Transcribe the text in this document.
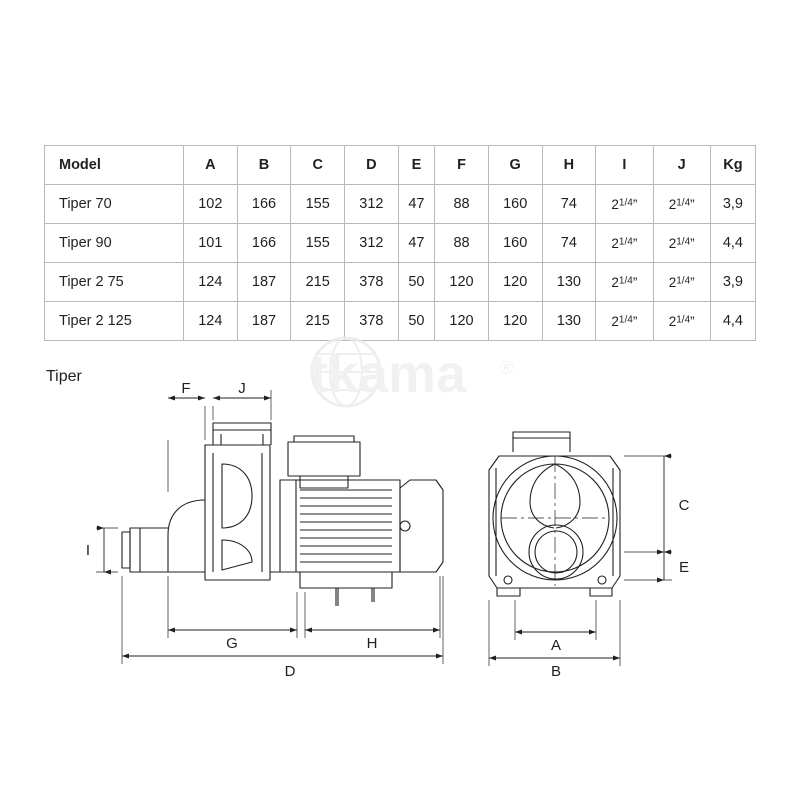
Model	A	B	C	D	E	F	G	H	I	J	Kg
Tiper 70	102	166	155	312	47	88	160	74	$2^{1/4}$”	$2^{1/4}$”	3,9
Tiper 90	101	166	155	312	47	88	160	74	$2^{1/4}$”	$2^{1/4}$”	4,4
Tiper 2 75	124	187	215	378	50	120	120	130	$2^{1/4}$”	$2^{1/4}$”	3,9
Tiper 2 125	124	187	215	378	50	120	120	130	$2^{1/4}$”	$2^{1/4}$”	4,4
Tiper	tkama ®
F	J
I
G	H
D
C
E
A
B
